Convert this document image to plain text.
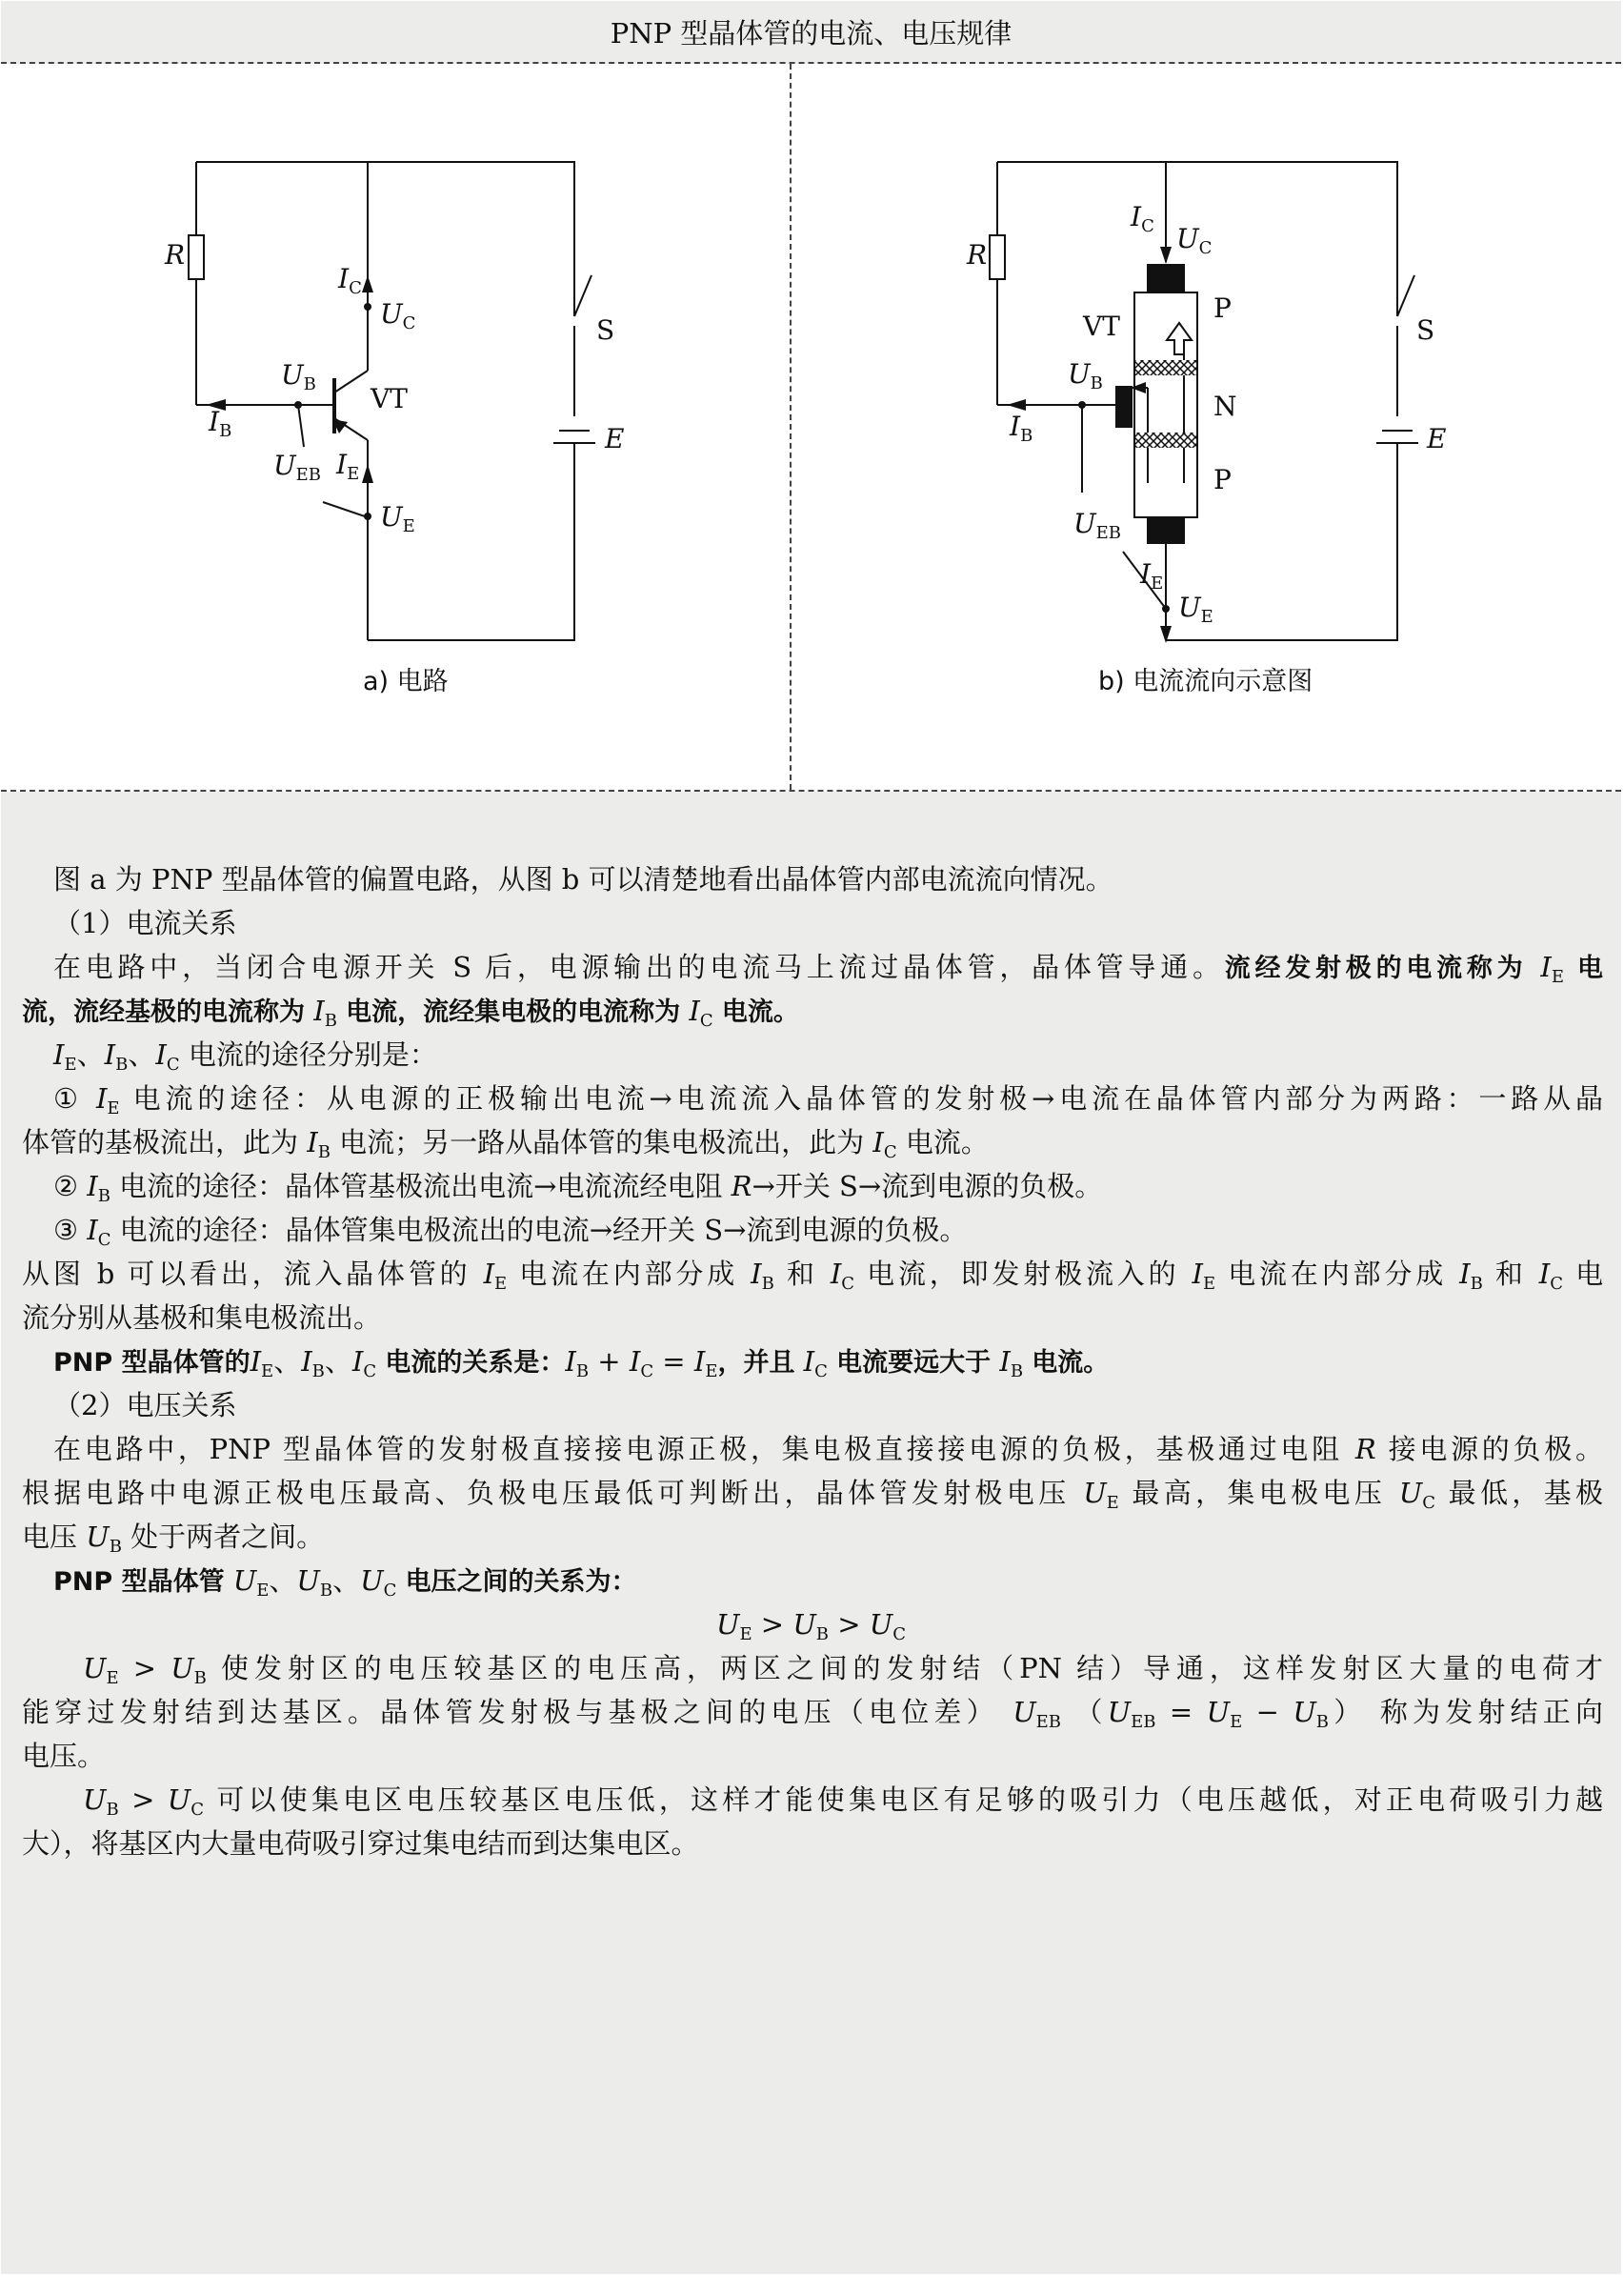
PNP 型晶体管的电流、电压规律
R
$I_B$
$U_B$
$U_{EB}$
$I_C$
$U_C$
VT
$I_E$
$U_E$
S
E
a) 电路
R
$I_B$
$U_B$
$U_{EB}$
$I_C$ $U_C$
VT
P
N
P
$I_E$
$U_E$
S
E
b) 电流流向示意图
图 a 为 PNP 型晶体管的偏置电路，从图 b 可以清楚地看出晶体管内部电流流向情况。
（1）电流关系
在电路中，当闭合电源开关 S 后，电源输出的电流马上流过晶体管，晶体管导通。流经发射极的电流称为 $I_E$ 电
流，流经基极的电流称为 $I_B$ 电流，流经集电极的电流称为 $I_C$ 电流。
$I_E$、$I_B$、$I_C$ 电流的途径分别是：
① $I_E$ 电流的途径：从电源的正极输出电流→电流流入晶体管的发射极→电流在晶体管内部分为两路：一路从晶
体管的基极流出，此为 $I_B$ 电流；另一路从晶体管的集电极流出，此为 $I_C$ 电流。
② $I_B$ 电流的途径：晶体管基极流出电流→电流流经电阻 R→开关 S→流到电源的负极。
③ $I_C$ 电流的途径：晶体管集电极流出的电流→经开关 S→流到电源的负极。
从图 b 可以看出，流入晶体管的 $I_E$ 电流在内部分成 $I_B$ 和 $I_C$ 电流，即发射极流入的 $I_E$ 电流在内部分成 $I_B$ 和 $I_C$ 电
流分别从基极和集电极流出。
PNP 型晶体管的$I_E$、$I_B$、$I_C$ 电流的关系是：$I_B + I_C = I_E$，并且 $I_C$ 电流要远大于 $I_B$ 电流。
（2）电压关系
在电路中，PNP 型晶体管的发射极直接接电源正极，集电极直接接电源的负极，基极通过电阻 R 接电源的负极。
根据电路中电源正极电压最高、负极电压最低可判断出，晶体管发射极电压 $U_E$ 最高，集电极电压 $U_C$ 最低，基极
电压 $U_B$ 处于两者之间。
PNP 型晶体管 $U_E$、$U_B$、$U_C$ 电压之间的关系为：
$U_E > U_B > U_C$
$U_E > U_B$ 使发射区的电压较基区的电压高，两区之间的发射结（PN 结）导通，这样发射区大量的电荷才
能穿过发射结到达基区。晶体管发射极与基极之间的电压（电位差） $U_{EB}$ $(U_{EB} = U_E - U_B)$ 称为发射结正向
电压。
$U_B > U_C$ 可以使集电区电压较基区电压低，这样才能使集电区有足够的吸引力（电压越低，对正电荷吸引力越
大），将基区内大量电荷吸引穿过集电结而到达集电区。
